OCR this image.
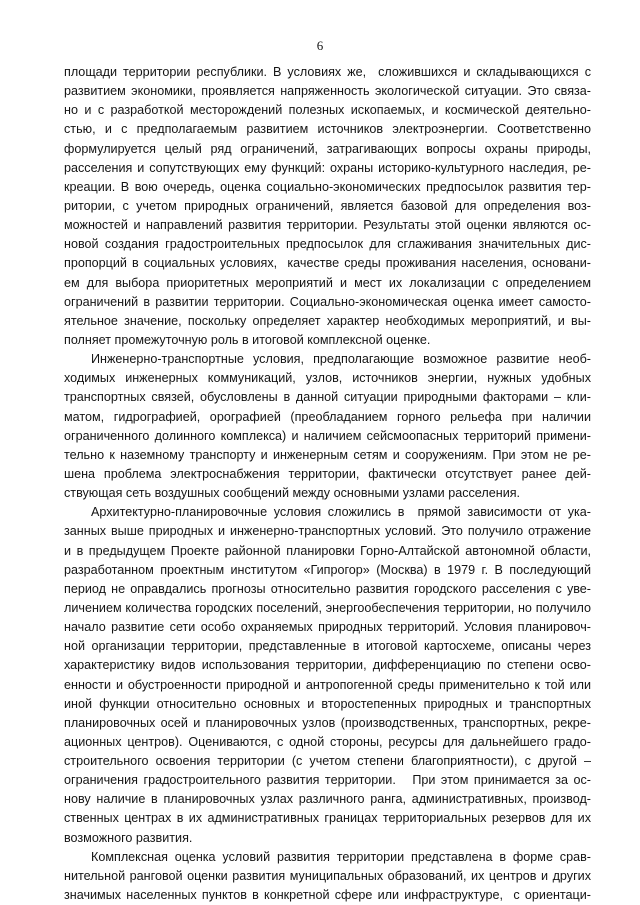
6
площади территории республики. В условиях же,  сложившихся и складывающихся с
развитием экономики, проявляется напряженность экологической ситуации. Это связа-
но и с разработкой месторождений полезных ископаемых, и космической деятельно-
стью, и с предполагаемым развитием источников электроэнергии. Соответственно
формулируется целый ряд ограничений, затрагивающих вопросы охраны природы,
расселения и сопутствующих ему функций: охраны историко-культурного наследия, ре-
креации. В вою очередь, оценка социально-экономических предпосылок развития тер-
ритории, с учетом природных ограничений, является базовой для определения воз-
можностей и направлений развития территории. Результаты этой оценки являются ос-
новой создания градостроительных предпосылок для сглаживания значительных дис-
пропорций в социальных условиях,  качестве среды проживания населения, основани-
ем для выбора приоритетных мероприятий и мест их локализации с определением
ограничений в развитии территории. Социально-экономическая оценка имеет самосто-
ятельное значение, поскольку определяет характер необходимых мероприятий, и вы-
полняет промежуточную роль в итоговой комплексной оценке.
Инженерно-транспортные условия, предполагающие возможное развитие необ-
ходимых инженерных коммуникаций, узлов, источников энергии, нужных удобных
транспортных связей, обусловлены в данной ситуации природными факторами – кли-
матом, гидрографией, орографией (преобладанием горного рельефа при наличии
ограниченного долинного комплекса) и наличием сейсмоопасных территорий примени-
тельно к наземному транспорту и инженерным сетям и сооружениям. При этом не ре-
шена проблема электроснабжения территории, фактически отсутствует ранее дей-
ствующая сеть воздушных сообщений между основными узлами расселения.
Архитектурно-планировочные условия сложились в  прямой зависимости от ука-
занных выше природных и инженерно-транспортных условий. Это получило отражение
и в предыдущем Проекте районной планировки Горно-Алтайской автономной области,
разработанном проектным институтом «Гипрогор» (Москва) в 1979 г. В последующий
период не оправдались прогнозы относительно развития городского расселения с уве-
личением количества городских поселений, энергообеспечения территории, но получило
начало развитие сети особо охраняемых природных территорий. Условия планировоч-
ной организации территории, представленные в итоговой картосхеме, описаны через
характеристику видов использования территории, дифференциацию по степени осво-
енности и обустроенности природной и антропогенной среды применительно к той или
иной функции относительно основных и второстепенных природных и транспортных
планировочных осей и планировочных узлов (производственных, транспортных, рекре-
ационных центров). Оцениваются, с одной стороны, ресурсы для дальнейшего градо-
строительного освоения территории (с учетом степени благоприятности), с другой –
ограничения градостроительного развития территории.   При этом принимается за ос-
нову наличие в планировочных узлах различного ранга, административных, производ-
ственных центрах в их административных границах территориальных резервов для их
возможного развития.
Комплексная оценка условий развития территории представлена в форме срав-
нительной ранговой оценки развития муниципальных образований, их центров и других
значимых населенных пунктов в конкретной сфере или инфраструктуре,  с ориентаци-
